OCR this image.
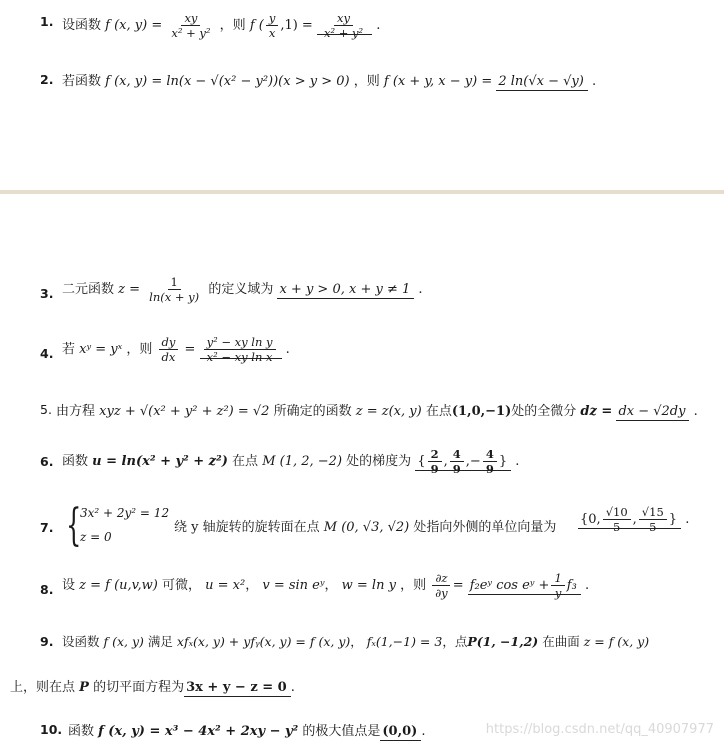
1. 设函数 f (x, $y) = \frac{xy}{\text{x² + y²}}$ ，则 f ( $\frac{y}{x} ,1) = \frac{xy}{\text{x² + y²}}$ .
2. 若函数 f (x, y) = ln(x − √(x² − y²))(x > y > 0) ，则 f (x + y, x − y) = 2 ln(√x − √y) .
3. 二元函数 $z = \frac{1}{\ln(x + y)}$ 的定义域为 x + y > 0, x + y ≠ 1 .
4. 若 xʸ = yˣ ，则 $\frac{dy}{dx} = \frac{\text{y² − xy ln y}}{\text{x² − xy ln x}}$ .
5. 由方程 xyz + √(x² + y² + z²) = √2 所确定的函数 z = z(x, y) 在点(1,0,−1)处的全微分 dz = dx − √2dy .
6. 函数 u = ln(x² + y² + z²) 在点 M (1, 2, −2) 处的梯度为 { $\frac{2}{9}$ , $\frac{4}{9}$ ,− $\frac{4}{9}$ } .
7. {
3x² + 2y² = 12
z = 0
绕 y 轴旋转的旋转面在点 M (0, √3, √2) 处指向外侧的单位向量为
{0, $\frac{√10}{5}$ , $\frac{√15}{5}$ } .
8. 设 z = f (u,v,w) 可微， u = x²， v = sin eʸ， w = ln y ，则 $\frac{\partial z}{\partial y}$ = f₂eʸ cos eʸ + $\frac{1}{y} f_3$ .
9. 设函数 f (x, y) 满足 xfₓ(x, y) + yfᵧ(x, y) = f (x, y)， fₓ(1,−1) = 3，点P(1, −1,2) 在曲面 z = f (x, y)
上，则在点 P 的切平面方程为 3x + y − z = 0 .
10. 函数 f (x, y) = x³ − 4x² + 2xy − y² 的极大值点是 (0,0) .	https://blog.csdn.net/qq_40907977
